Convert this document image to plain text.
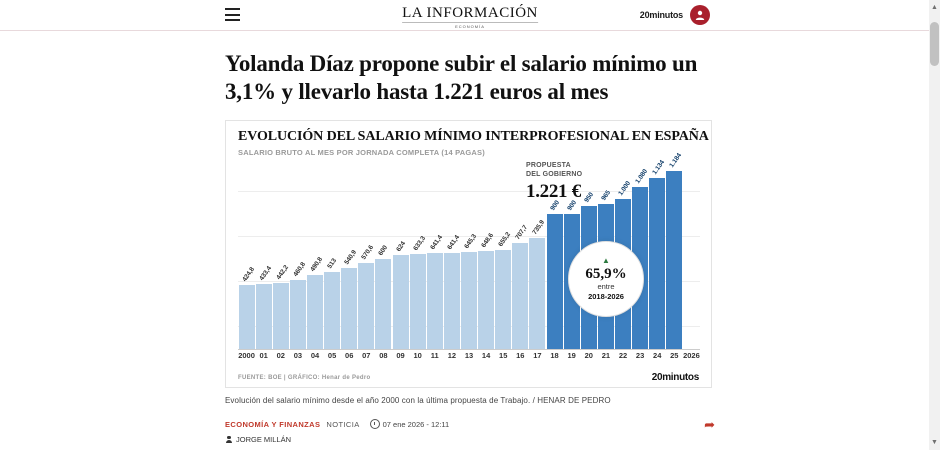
LA INFORMACIÓN
ECONOMÍA
20minutos
Yolanda Díaz propone subir el salario mínimo un 3,1% y llevarlo hasta 1.221 euros al mes
EVOLUCIÓN DEL SALARIO MÍNIMO INTERPROFESIONAL EN ESPAÑA
SALARIO BRUTO AL MES POR JORNADA COMPLETA (14 PAGAS)
424,8 433,4 442,2 460,8 490,8 513 540,9 570,6 600 624 633,3 641,4 641,4 645,3 648,6 655,2 707,7 735,9
900 900
950 965 1.000
1.080 1.134 1.184
2000 01	02	03	04	05	06	07	08	09	10	11	12	13	14	15	16	17	18	19	20	21	22	23	24	25 2026
PROPUESTA
DEL GOBIERNO
1.221 €
▲
65,9%
entre
2018-2026
FUENTE: BOE | GRÁFICO: Henar de Pedro	20minutos
Evolución del salario mínimo desde el año 2000 con la última propuesta de Trabajo. / HENAR DE PEDRO
ECONOMÍA Y FINANZAS NOTICIA	07 ene 2026 - 12:11	➦
JORGE MILLÁN
▲
▼
